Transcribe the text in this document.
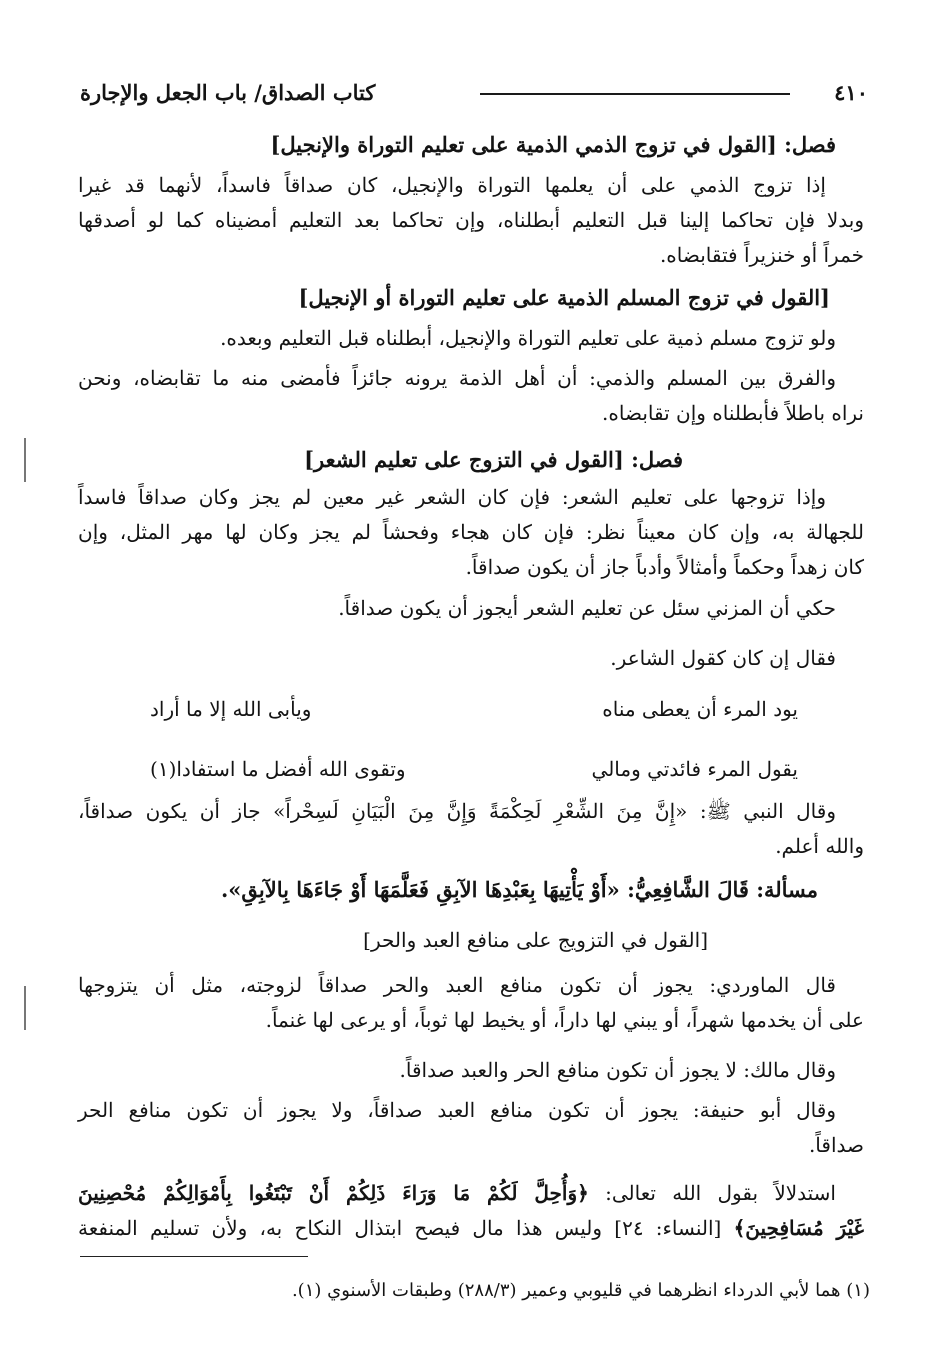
٤١٠
كتاب الصداق/ باب الجعل والإجارة
فصل: [القول في تزوج الذمي الذمية على تعليم التوراة والإنجيل]
إذا تزوج الذمي على أن يعلمها التوراة والإنجيل، كان صداقاً فاسداً، لأنهما قد غيرا
وبدلا فإن تحاكما إلينا قبل التعليم أبطلناه، وإن تحاكما بعد التعليم أمضيناه كما لو أصدقها
خمراً أو خنزيراً فتقابضاه.
[القول في تزوج المسلم الذمية على تعليم التوراة أو الإنجيل]
ولو تزوج مسلم ذمية على تعليم التوراة والإنجيل، أبطلناه قبل التعليم وبعده.
والفرق بين المسلم والذمي: أن أهل الذمة يرونه جائزاً فأمضى منه ما تقابضاه، ونحن
نراه باطلاً فأبطلناه وإن تقابضاه.
فصل: [القول في التزوج على تعليم الشعر]
وإذا تزوجها على تعليم الشعر: فإن كان الشعر غير معين لم يجز وكان صداقاً فاسداً
للجهالة به، وإن كان معيناً نظر: فإن كان هجاء وفحشاً لم يجز وكان لها مهر المثل، وإن
كان زهداً وحكماً وأمثالاً وأدباً جاز أن يكون صداقاً.
حكي أن المزني سئل عن تعليم الشعر أيجوز أن يكون صداقاً.
فقال إن كان كقول الشاعر.
وقال النبي ﷺ: «إِنَّ مِنَ الشِّعْرِ لَحِكْمَةً وَإِنَّ مِنَ الْبَيَانِ لَسِحْراً» جاز أن يكون صداقاً،
والله أعلم.
مسألة: قَالَ الشَّافِعِيُّ: «أَوْ يَأْتِيهَا بِعَبْدِهَا الآبِقِ فَعَلَّمَهَا أَوْ جَاءَهَا بِالآبِقِ».
[القول في التزويج على منافع العبد والحر]
قال الماوردي: يجوز أن تكون منافع العبد والحر صداقاً لزوجته، مثل أن يتزوجها
على أن يخدمها شهراً، أو يبني لها داراً، أو يخيط لها ثوباً، أو يرعى لها غنماً.
وقال مالك: لا يجوز أن تكون منافع الحر والعبد صداقاً.
وقال أبو حنيفة: يجوز أن تكون منافع العبد صداقاً، ولا يجوز أن تكون منافع الحر
صداقاً.
استدلالاً بقول الله تعالى: ﴿وَأُحِلَّ لَكُمْ مَا وَرَاءَ ذَلِكُمْ أَنْ تَبْتَغُوا بِأَمْوَالِكُمْ مُحْصِنِينَ
غَيْرَ مُسَافِحِينَ﴾ [النساء: ٢٤] وليس هذا مال فيصح ابتذال النكاح به، ولأن تسليم المنفعة
يود المرء أن يعطى مناه
ويأبى الله إلا ما أراد
يقول المرء فائدتي ومالي
وتقوى الله أفضل ما استفادا(١)
(١) هما لأبي الدرداء انظرهما في قليوبي وعمير (٢٨٨/٣) وطبقات الأسنوي (١).
